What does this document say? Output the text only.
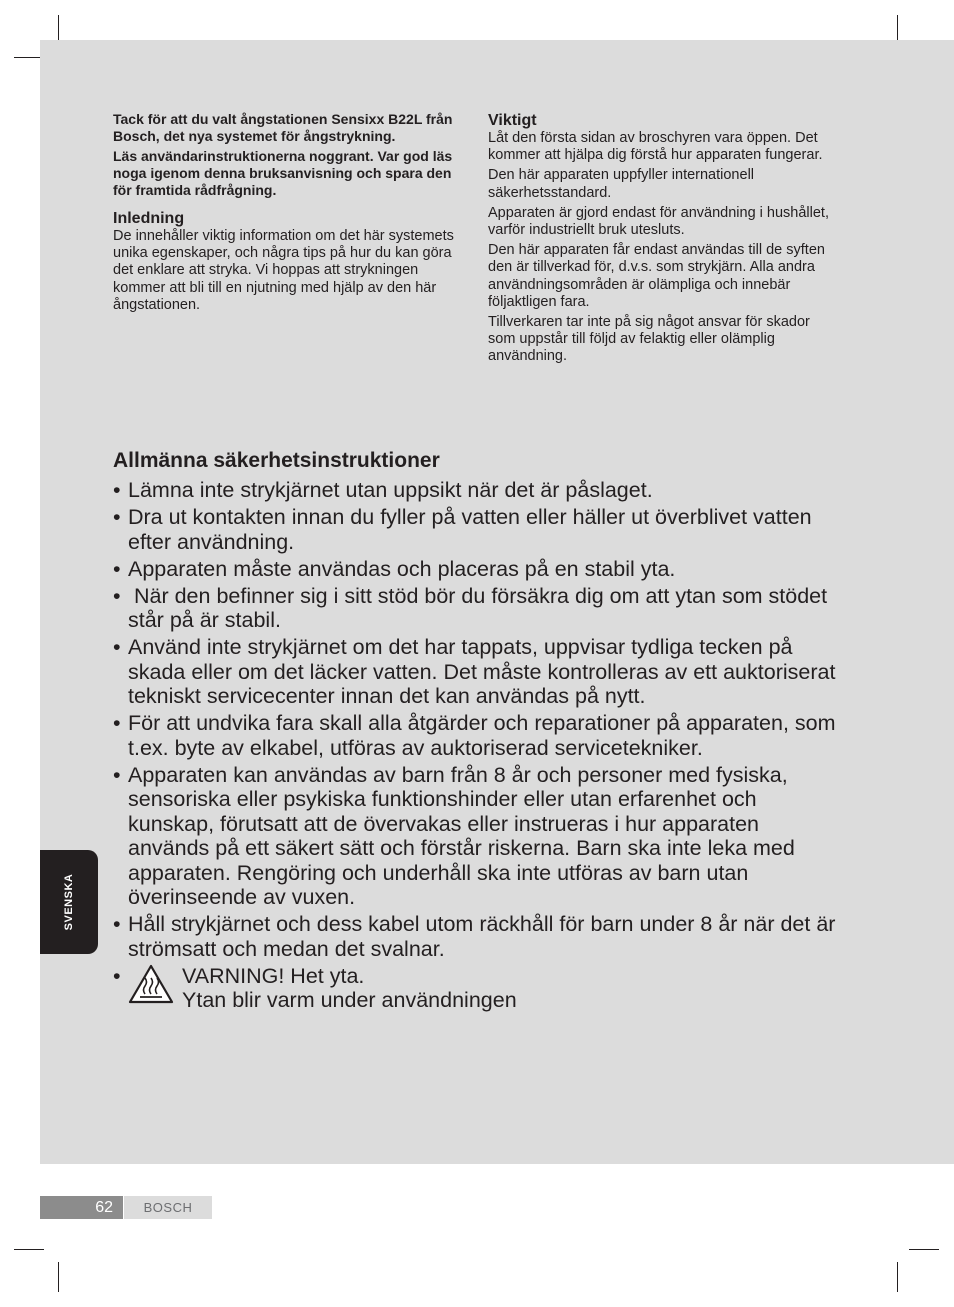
Tack för att du valt ångstationen Sensixx B22L från Bosch, det nya systemet för ångstrykning.

Läs användarinstruktionerna noggrant. Var god läs noga igenom denna bruksanvisning och spara den för framtida rådfrågning.

Inledning

De innehåller viktig information om det här systemets unika egenskaper, och några tips på hur du kan göra det enklare att stryka. Vi hoppas att strykningen kommer att bli till en njutning med hjälp av den här ångstationen.

Viktigt

Låt den första sidan av broschyren vara öppen. Det kommer att hjälpa dig förstå hur apparaten fungerar.

Den här apparaten uppfyller internationell säkerhetsstandard.

Apparaten är gjord endast för användning i hushållet, varför industriellt bruk utesluts.

Den här apparaten får endast användas till de syften den är tillverkad för, d.v.s. som strykjärn. Alla andra användningsområden är olämpliga och innebär följaktligen fara.

Tillverkaren tar inte på sig något ansvar för skador som uppstår till följd av felaktig eller olämplig användning.

Allmänna säkerhetsinstruktioner
• Lämna inte strykjärnet utan uppsikt när det är påslaget.
• Dra ut kontakten innan du fyller på vatten eller häller ut överblivet vatten efter användning.
• Apparaten måste användas och placeras på en stabil yta.
• När den befinner sig i sitt stöd bör du försäkra dig om att ytan som stödet står på är stabil.
• Använd inte strykjärnet om det har tappats, uppvisar tydliga tecken på skada eller om det läcker vatten. Det måste kontrolleras av ett auktoriserat tekniskt servicecenter innan det kan användas på nytt.
• För att undvika fara skall alla åtgärder och reparationer på apparaten, som t.ex. byte av elkabel, utföras av auktoriserad servicetekniker.
• Apparaten kan användas av barn från 8 år och personer med fysiska, sensoriska eller psykiska funktionshinder eller utan erfarenhet och kunskap, förutsatt att de övervakas eller instrueras i hur apparaten används på ett säkert sätt och förstår riskerna. Barn ska inte leka med apparaten. Rengöring och underhåll ska inte utföras av barn utan överinseende av vuxen.
• Håll strykjärnet och dess kabel utom räckhåll för barn under 8 år när det är strömsatt och medan det svalnar.
•	VARNING! Het yta.
Ytan blir varm under användningen
SVENSKA
62	BOSCH
